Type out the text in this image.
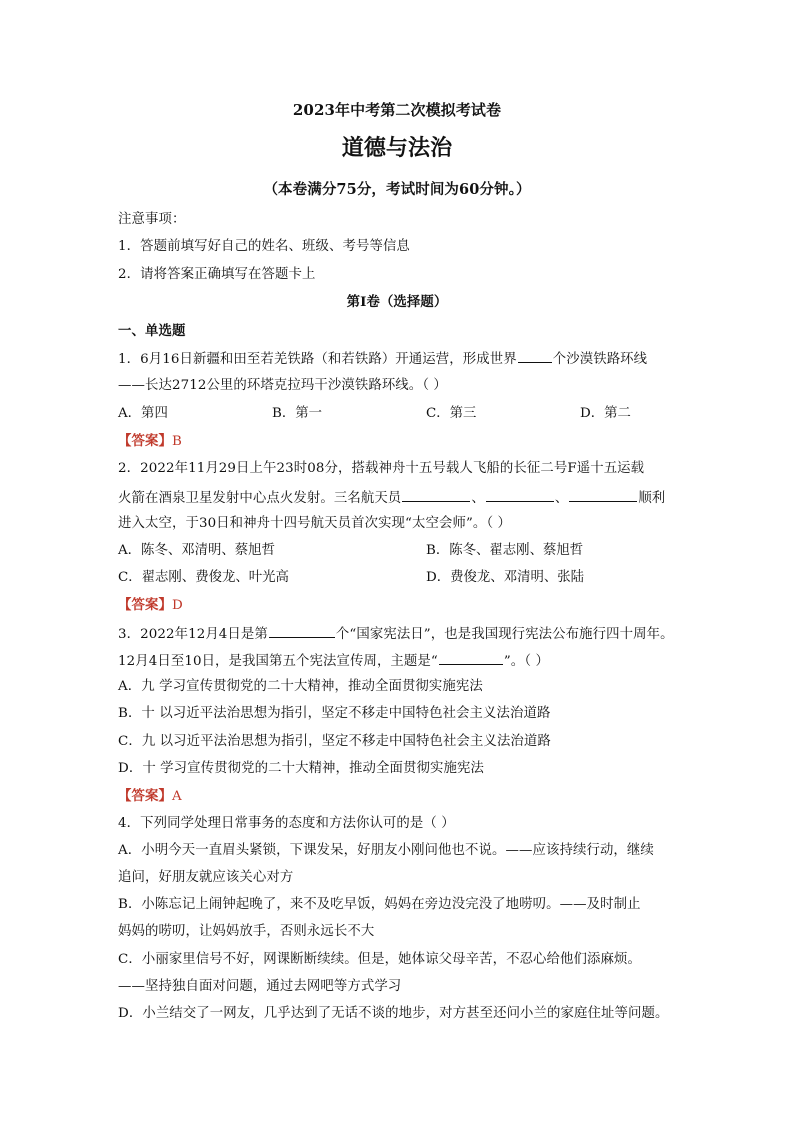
2023年中考第二次模拟考试卷
道德与法治
（本卷满分75分，考试时间为60分钟。）
注意事项：
1．答题前填写好自己的姓名、班级、考号等信息
2．请将答案正确填写在答题卡上
第I卷（选择题）
一、单选题
1．6月16日新疆和田至若羌铁路（和若铁路）开通运营，形成世界	个沙漠铁路环线
——长达2712公里的环塔克拉玛干沙漠铁路环线。（ ）
A．第四	B．第一	C．第三	D．第二
【答案】B
2．2022年11月29日上午23时08分，搭载神舟十五号载人飞船的长征二号F遥十五运载
火箭在酒泉卫星发射中心点火发射。三名航天员	、	、	顺利
进入太空，于30日和神舟十四号航天员首次实现“太空会师”。（ ）
A．陈冬、邓清明、蔡旭哲	B．陈冬、翟志刚、蔡旭哲
C．翟志刚、费俊龙、叶光高	D．费俊龙、邓清明、张陆
【答案】D
3．2022年12月4日是第	个“国家宪法日”，也是我国现行宪法公布施行四十周年。
12月4日至10日，是我国第五个宪法宣传周，主题是“	”。（ ）
A．九 学习宣传贯彻党的二十大精神，推动全面贯彻实施宪法
B．十 以习近平法治思想为指引，坚定不移走中国特色社会主义法治道路
C．九 以习近平法治思想为指引，坚定不移走中国特色社会主义法治道路
D．十 学习宣传贯彻党的二十大精神，推动全面贯彻实施宪法
【答案】A
4．下列同学处理日常事务的态度和方法你认可的是（ ）
A．小明今天一直眉头紧锁，下课发呆，好朋友小刚问他也不说。——应该持续行动，继续
追问，好朋友就应该关心对方
B．小陈忘记上闹钟起晚了，来不及吃早饭，妈妈在旁边没完没了地唠叨。——及时制止
妈妈的唠叨，让妈妈放手，否则永远长不大
C．小丽家里信号不好，网课断断续续。但是，她体谅父母辛苦，不忍心给他们添麻烦。
——坚持独自面对问题，通过去网吧等方式学习
D．小兰结交了一网友，几乎达到了无话不谈的地步，对方甚至还问小兰的家庭住址等问题。
